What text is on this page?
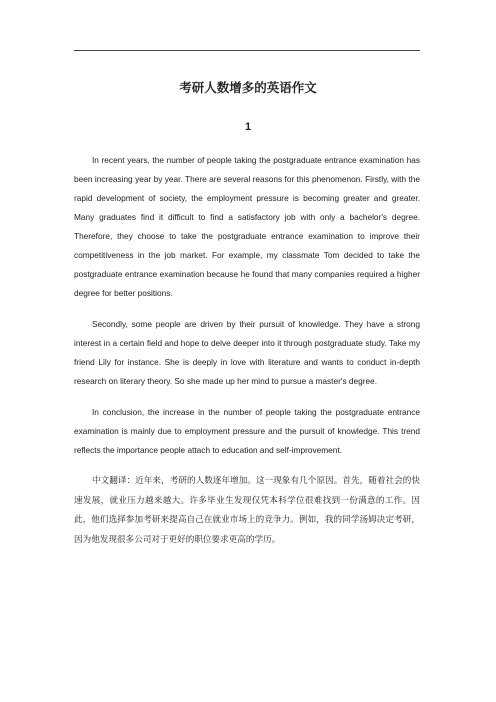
考研人数增多的英语作文
1

In recent years, the number of people taking the postgraduate entrance examination has been increasing year by year. There are several reasons for this phenomenon. Firstly, with the rapid development of society, the employment pressure is becoming greater and greater. Many graduates find it difficult to find a satisfactory job with only a bachelor's degree. Therefore, they choose to take the postgraduate entrance examination to improve their competitiveness in the job market. For example, my classmate Tom decided to take the postgraduate entrance examination because he found that many companies required a higher degree for better positions.

Secondly, some people are driven by their pursuit of knowledge. They have a strong interest in a certain field and hope to delve deeper into it through postgraduate study. Take my friend Lily for instance. She is deeply in love with literature and wants to conduct in-depth research on literary theory. So she made up her mind to pursue a master's degree.

In conclusion, the increase in the number of people taking the postgraduate entrance examination is mainly due to employment pressure and the pursuit of knowledge. This trend reflects the importance people attach to education and self-improvement.

中文翻译：近年来，考研的人数逐年增加。这一现象有几个原因。首先，随着社会的快速发展，就业压力越来越大。许多毕业生发现仅凭本科学位很难找到一份满意的工作。因此，他们选择参加考研来提高自己在就业市场上的竞争力。例如，我的同学汤姆决定考研，因为他发现很多公司对于更好的职位要求更高的学历。
